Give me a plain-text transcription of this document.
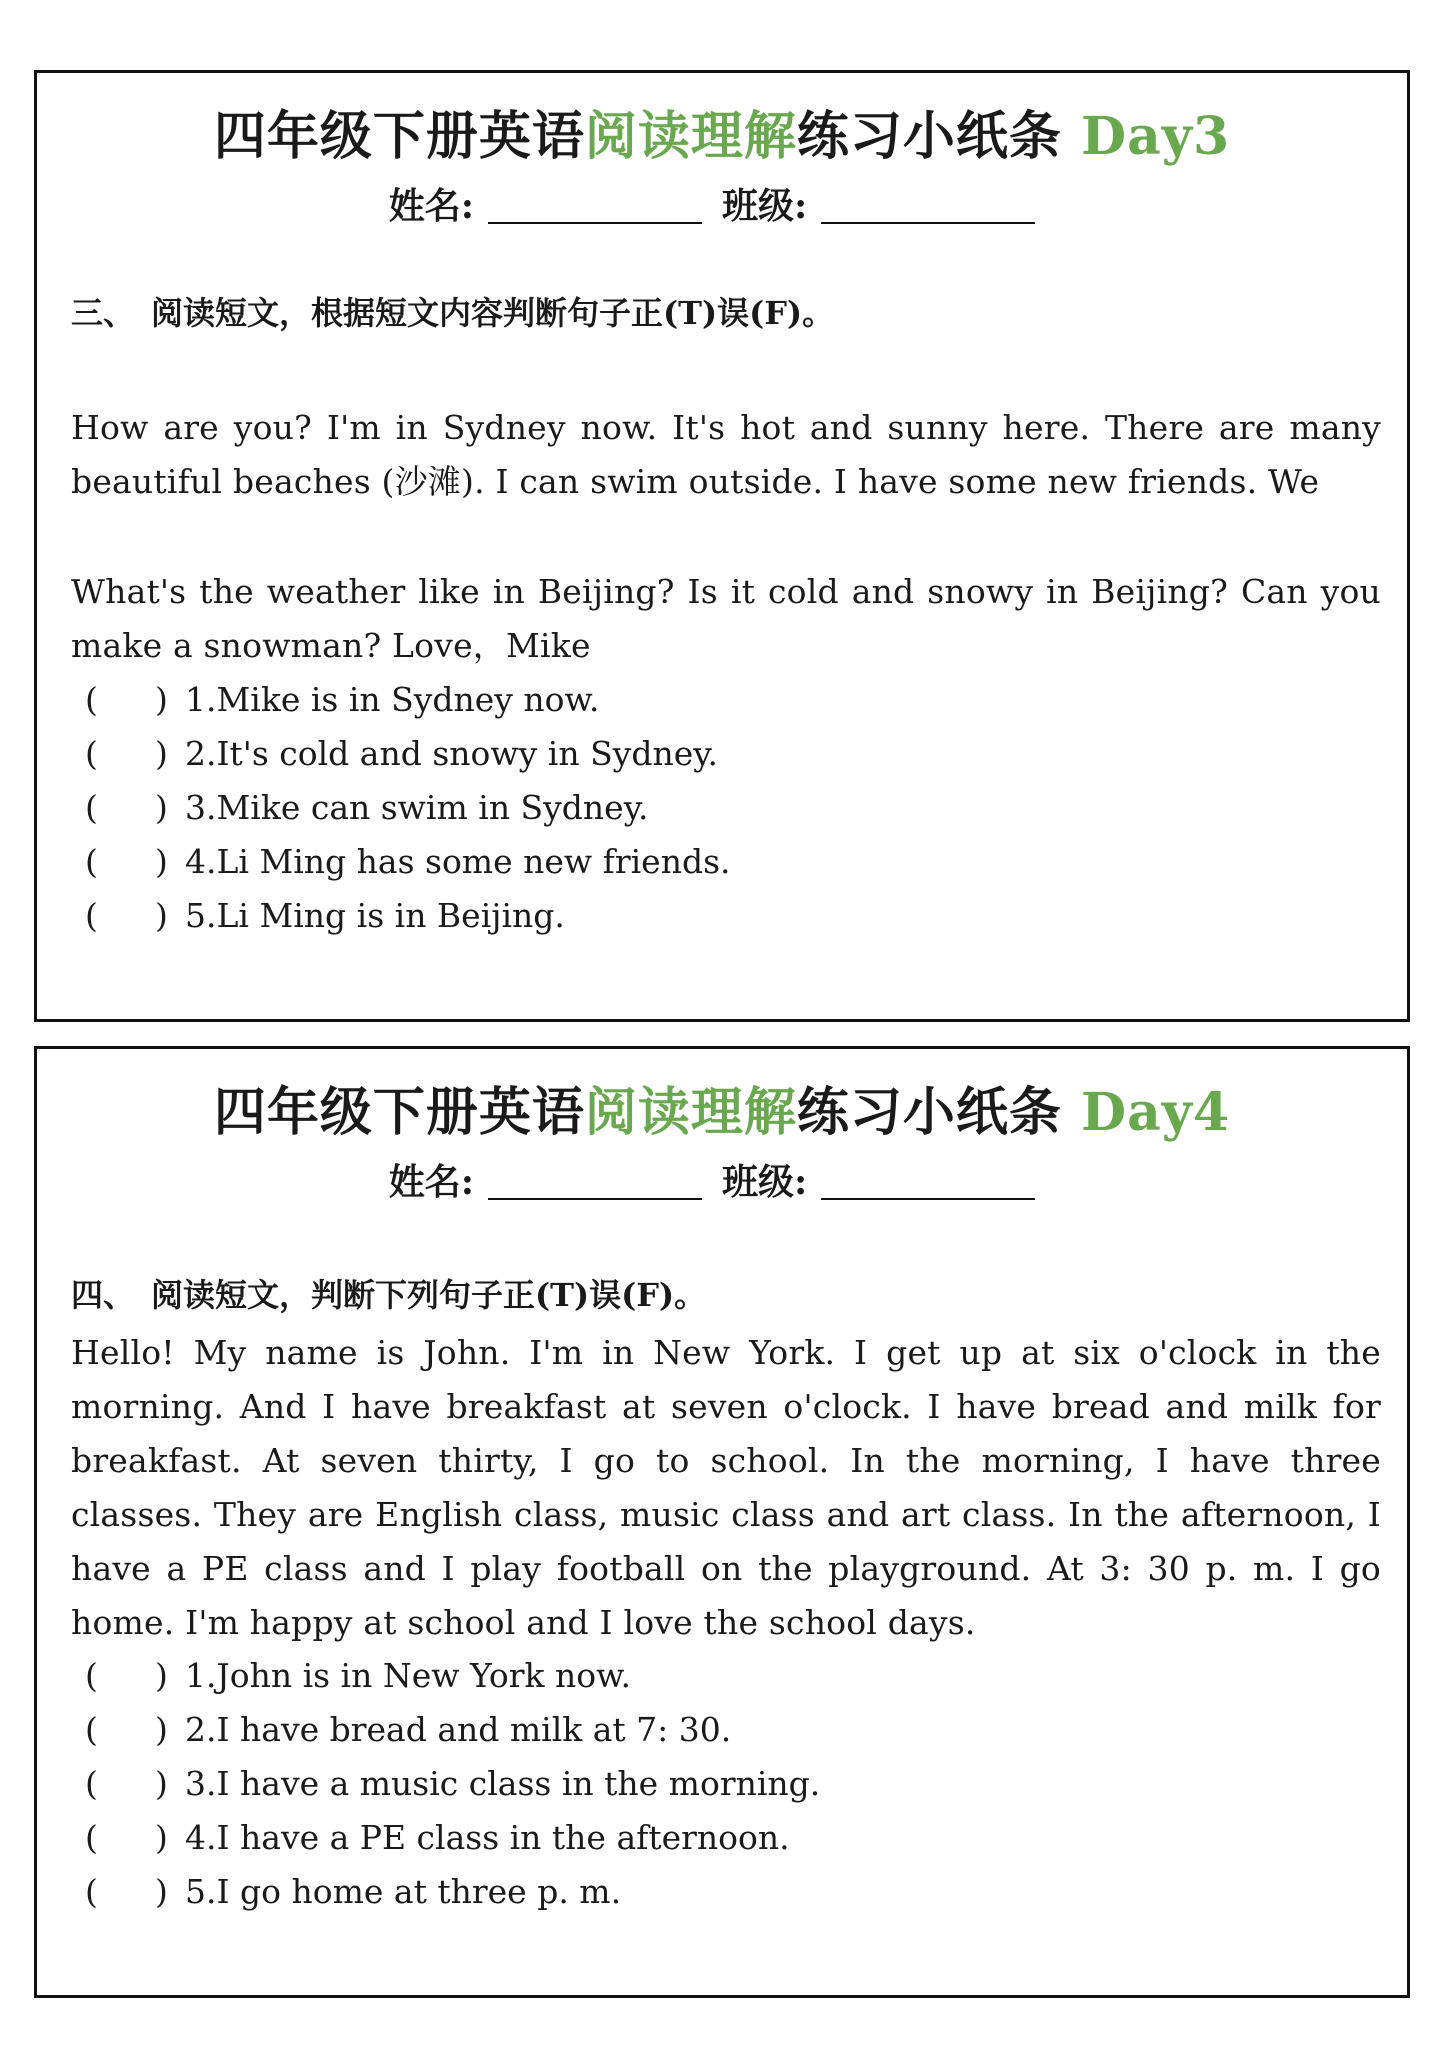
四年级下册英语阅读理解练习小纸条 Day3
姓名:	班级:
三、　阅读短文，根据短文内容判断句子正(T)误(F)。

How are you? I'm in Sydney now. It's hot and sunny here. There are many beautiful beaches (沙滩). I can swim outside. I have some new friends. We

What's the weather like in Beijing? Is it cold and snowy in Beijing? Can you make a snowman? Love，Mike

( ) 1.Mike is in Sydney now.
( ) 2.It's cold and snowy in Sydney.
( ) 3.Mike can swim in Sydney.
( ) 4.Li Ming has some new friends.
( ) 5.Li Ming is in Beijing.
四年级下册英语阅读理解练习小纸条 Day4
姓名:	班级:
四、　阅读短文，判断下列句子正(T)误(F)。

Hello! My name is John. I'm in New York. I get up at six o'clock in the morning. And I have breakfast at seven o'clock. I have bread and milk for breakfast. At seven thirty, I go to school. In the morning, I have three classes. They are English class, music class and art class. In the afternoon, I have a PE class and I play football on the playground. At 3: 30 p. m. I go home. I'm happy at school and I love the school days.

( ) 1.John is in New York now.
( ) 2.I have bread and milk at 7: 30.
( ) 3.I have a music class in the morning.
( ) 4.I have a PE class in the afternoon.
( ) 5.I go home at three p. m.
